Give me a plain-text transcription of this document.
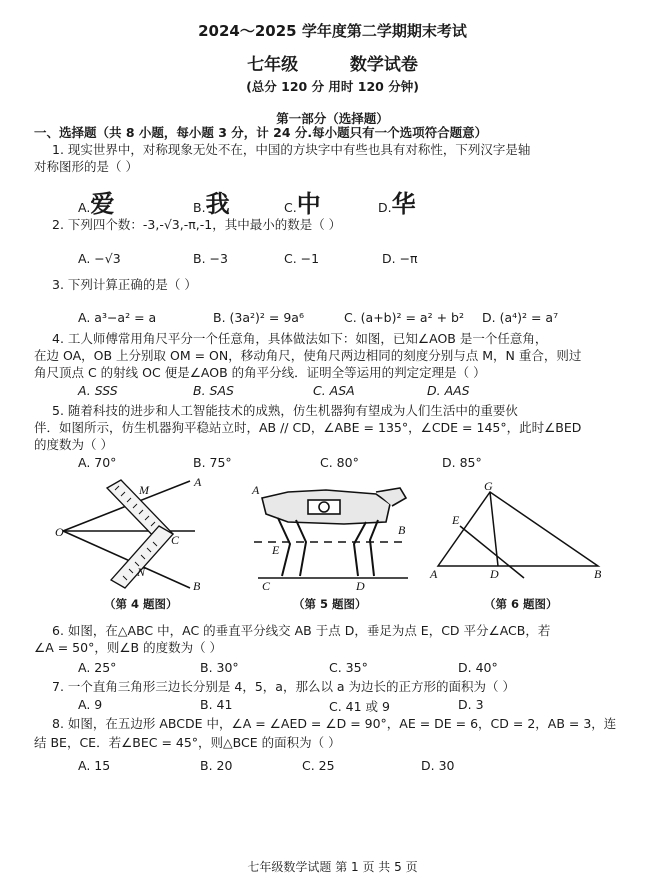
2024～2025 学年度第二学期期末考试
七年级	数学试卷
(总分 120 分 用时 120 分钟)
第一部分（选择题）
一、选择题（共 8 小题，每小题 3 分，计 24 分.每小题只有一个选项符合题意）
1. 现实世界中，对称现象无处不在，中国的方块字中有些也具有对称性，下列汉字是轴
对称图形的是（ ）
A.爱	B.我	C.中	D.华
2. 下列四个数：-3,-√3,-π,-1，其中最小的数是（ ）
A. −√3	B. −3	C. −1	D. −π
3. 下列计算正确的是（ ）
A. a³−a² = a	B. (3a²)² = 9a⁶	C. (a+b)² = a² + b² D. (a⁴)² = a⁷
4. 工人师傅常用角尺平分一个任意角，具体做法如下：如图，已知∠AOB 是一个任意角，
在边 OA，OB 上分别取 OM = ON，移动角尺，使角尺两边相同的刻度分别与点 M，N 重合，则过
角尺顶点 C 的射线 OC 便是∠AOB 的角平分线．证明全等运用的判定定理是（ ）
A. SSS	B. SAS	C. ASA	D. AAS
5. 随着科技的进步和人工智能技术的成熟，仿生机器狗有望成为人们生活中的重要伙
伴．如图所示，仿生机器狗平稳站立时，AB // CD，∠ABE = 135°，∠CDE = 145°，此时∠BED
的度数为（ ）
A. 70°	B. 75°	C. 80°	D. 85°
O
M
A
C
N
B
（第 4 题图）
A
B
E
C	D
（第 5 题图）
G
E
A	D	B
（第 6 题图）
6. 如图，在△ABC 中，AC 的垂直平分线交 AB 于点 D，垂足为点 E，CD 平分∠ACB，若
∠A = 50°，则∠B 的度数为（ ）
A. 25°	B. 30°	C. 35°	D. 40°
7. 一个直角三角形三边长分别是 4，5，a，那么以 a 为边长的正方形的面积为（ ）
A. 9	B. 41	C. 41 或 9	D. 3
8. 如图，在五边形 ABCDE 中，∠A = ∠AED = ∠D = 90°，AE = DE = 6，CD = 2，AB = 3，连
结 BE，CE．若∠BEC = 45°，则△BCE 的面积为（ ）
A. 15	B. 20	C. 25	D. 30
七年级数学试题 第 1 页 共 5 页
